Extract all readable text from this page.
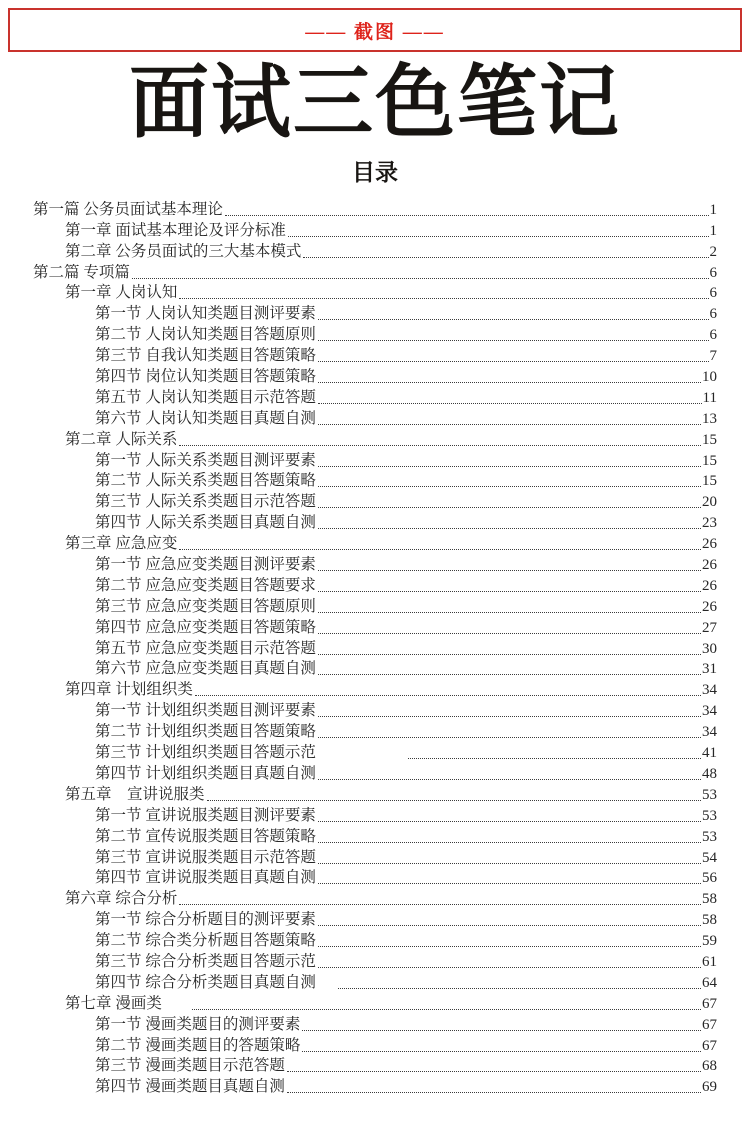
—— 截图 ——
面试三色笔记
目录
第一篇 公务员面试基本理论	1
第一章 面试基本理论及评分标准	1
第二章 公务员面试的三大基本模式	2
第二篇 专项篇	6
第一章 人岗认知	6
第一节 人岗认知类题目测评要素	6
第二节 人岗认知类题目答题原则	6
第三节 自我认知类题目答题策略	7
第四节 岗位认知类题目答题策略	10
第五节 人岗认知类题目示范答题	11
第六节 人岗认知类题目真题自测	13
第二章 人际关系	15
第一节 人际关系类题目测评要素	15
第二节 人际关系类题目答题策略	15
第三节 人际关系类题目示范答题	20
第四节 人际关系类题目真题自测	23
第三章 应急应变	26
第一节 应急应变类题目测评要素	26
第二节 应急应变类题目答题要求	26
第三节 应急应变类题目答题原则	26
第四节 应急应变类题目答题策略	27
第五节 应急应变类题目示范答题	30
第六节 应急应变类题目真题自测	31
第四章 计划组织类	34
第一节 计划组织类题目测评要素	34
第二节 计划组织类题目答题策略	34
第三节 计划组织类题目答题示范	41
第四节 计划组织类题目真题自测	48
第五章　宣讲说服类	53
第一节 宣讲说服类题目测评要素	53
第二节 宣传说服类题目答题策略	53
第三节 宣讲说服类题目示范答题	54
第四节 宣讲说服类题目真题自测	56
第六章 综合分析	58
第一节 综合分析题目的测评要素	58
第二节 综合类分析题目答题策略	59
第三节 综合分析类题目答题示范	61
第四节 综合分析类题目真题自测	64
第七章 漫画类	67
第一节 漫画类题目的测评要素	67
第二节 漫画类题目的答题策略	67
第三节 漫画类题目示范答题	68
第四节 漫画类题目真题自测	69
